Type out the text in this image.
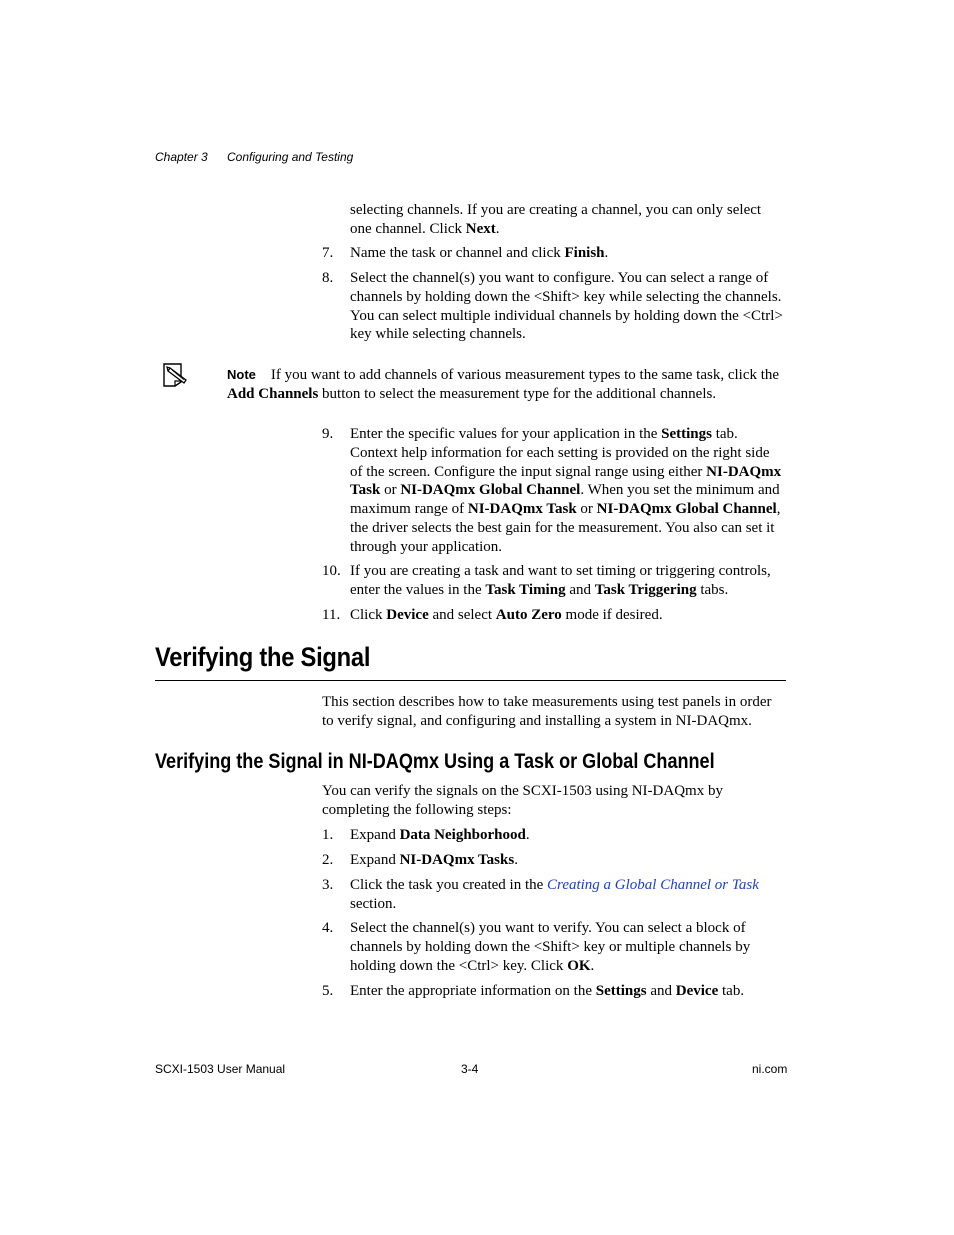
Chapter 3 Configuring and Testing
selecting channels. If you are creating a channel, you can only select one channel. Click Next.
7.	Name the task or channel and click Finish.
8.	Select the channel(s) you want to configure. You can select a range of channels by holding down the <Shift> key while selecting the channels. You can select multiple individual channels by holding down the <Ctrl> key while selecting channels.
Note If you want to add channels of various measurement types to the same task, click the Add Channels button to select the measurement type for the additional channels.
9.	Enter the specific values for your application in the Settings tab. Context help information for each setting is provided on the right side of the screen. Configure the input signal range using either NI-DAQmx Task or NI-DAQmx Global Channel. When you set the minimum and maximum range of NI-DAQmx Task or NI-DAQmx Global Channel, the driver selects the best gain for the measurement. You also can set it through your application.
10. If you are creating a task and want to set timing or triggering controls, enter the values in the Task Timing and Task Triggering tabs.
11. Click Device and select Auto Zero mode if desired.
Verifying the Signal
This section describes how to take measurements using test panels in order to verify signal, and configuring and installing a system in NI-DAQmx.
Verifying the Signal in NI-DAQmx Using a Task or Global Channel
You can verify the signals on the SCXI-1503 using NI-DAQmx by completing the following steps:
1.	Expand Data Neighborhood.
2.	Expand NI-DAQmx Tasks.
3.	Click the task you created in the Creating a Global Channel or Task
section.
4.	Select the channel(s) you want to verify. You can select a block of channels by holding down the <Shift> key or multiple channels by holding down the <Ctrl> key. Click OK.
5.	Enter the appropriate information on the Settings and Device tab.
SCXI-1503 User Manual	3-4	ni.com
